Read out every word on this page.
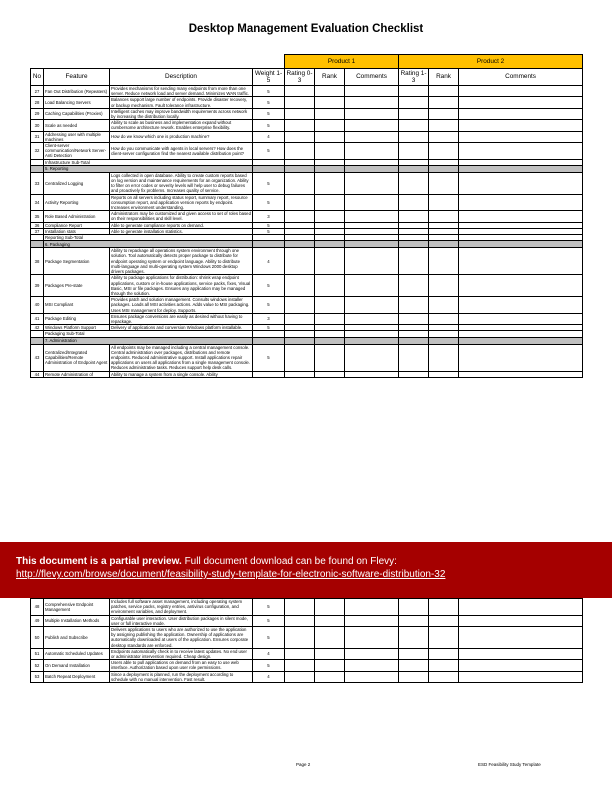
Desktop Management Evaluation Checklist
				Product 1			Product 2		
No	Feature	Description	Weight 1-5	Rating 0-3	Rank	Comments	Rating 1-3	Rank	Comments
27	Fan Out Distribution (Repeaters)	Provides mechanisms for sending many endpoints from more than one server. Reduce network load and server demand. Minimizes WAN traffic.	5						
28	Load Balancing Servers	Balances support large number of endpoints. Provide disaster recovery, or backup mechanism. Fault tolerance infrastructure.	5						
29	Caching Capabilities (Proxies)	Intelligent caches may improve bandwidth requirements across network by increasing the distribution locally.	5						
30	Scale as needed	Ability to scale as business and implementation expand without cumbersome architecture rework. Enables enterprise flexibility.	5						
31	Addressing user with multiple machines	How do we know which one is production machine?	4						
32	Client-server communication/Network Server-Anti Detection	How do you communicate with agents in local servers? How does the client-server configuration find the nearest available distribution point?	5						
	Infrastructure Sub-Total								
	5. Reporting								
33	Centralized Logging	Logs collected in open database. Ability to create custom reports based on log version and maintenance requirements for an organization. Ability to filter on error codes or severity levels will help user to debug failures and proactively fix problems. Increases quality of service.	5						
34	Activity Reporting	Reports on all servers including status report, summary report, resource consumption report, and application version reports by endpoint. Increases environment understanding.	5						
35	Role Based Administration	Administrators may be customized and given access to set of roles based on their responsibilities and skill level.	3						
36	Compliance Report	Able to generate compliance reports on demand.	5						
37	Installation stats	Able to generate installation statistics.	5						
	Reporting Sub-Total								
	6. Packaging								
38	Package Segmentation	Ability to repackage all operations system environment through one solution. Tool automatically detects proper package to distribute for endpoint operating system or endpoint language. Ability to distribute multi-language and multi-operating system Windows 2000 desktop drivers packages.	4						
39	Packages Pre-state	Ability to package applications for distribution: shrink wrap endpoint applications, custom or in-house applications, service packs, fixes, Visual Basic, MSI or file packages. Ensures any application may be managed through the solution.	5						
40	MSI Compliant	Provides patch and solution management. Consults windows installer packages. Loads all MSI activities actions. Adds value to MSI packaging. Uses MSI management for deploy. Supports.	5						
41	Package Editing	Ensures package conversions are easily as desired without having to repackage.	3						
42	Windows Platform Support	Delivery of applications and conversion Windows platform installable.	5						
	Packaging Sub-Total								
	7. Administration								
43	Centralized/Integrated Capabilities/Remote Administration of Endpoint Agent	All endpoints may be managed including a central management console. Central administration over packages, distributions and remote endpoints. Reduced administrative support. Install applications repair applications on users all applications from a single management console. Reduces administrative tasks. Reduces support help desk calls.	5						
44	Remote Administration of	Ability to manage a system from a single console. Ability							
48	Comprehensive Endpoint Management	Includes full software asset management, including operating system patches, service packs, registry entries, antivirus configuration, and environment variables, and deployment.	5						
49	Multiple Installation Methods	Configurable user interaction. User distribution packages in silent mode, user or full interactive mode.	5						
50	Publish and Subscribe	Delivers applications to users who are authorized to use the application by assigning publishing the application. Ownership of applications are automatically downloaded at users of the application. Ensures corporate desktop standards are enforced.	5						
51	Automatic Scheduled Updates	Endpoints automatically check in to receive latest updates. No end user or administrator intervention required. Cheap design.	4						
52	On Demand Installation	Users able to pull applications on demand from an easy to use web interface. Authorization based upon user role permissions.	5						
53	Batch Repeat Deployment	Since a deployment is planned, run the deployment according to schedule with no manual intervention. Fast result.	4						
This document is a partial preview. Full document download can be found on Flevy:
http://flevy.com/browse/document/feasibility-study-template-for-electronic-software-distribution-32
Page 2	ESD Feasibility Study Template
